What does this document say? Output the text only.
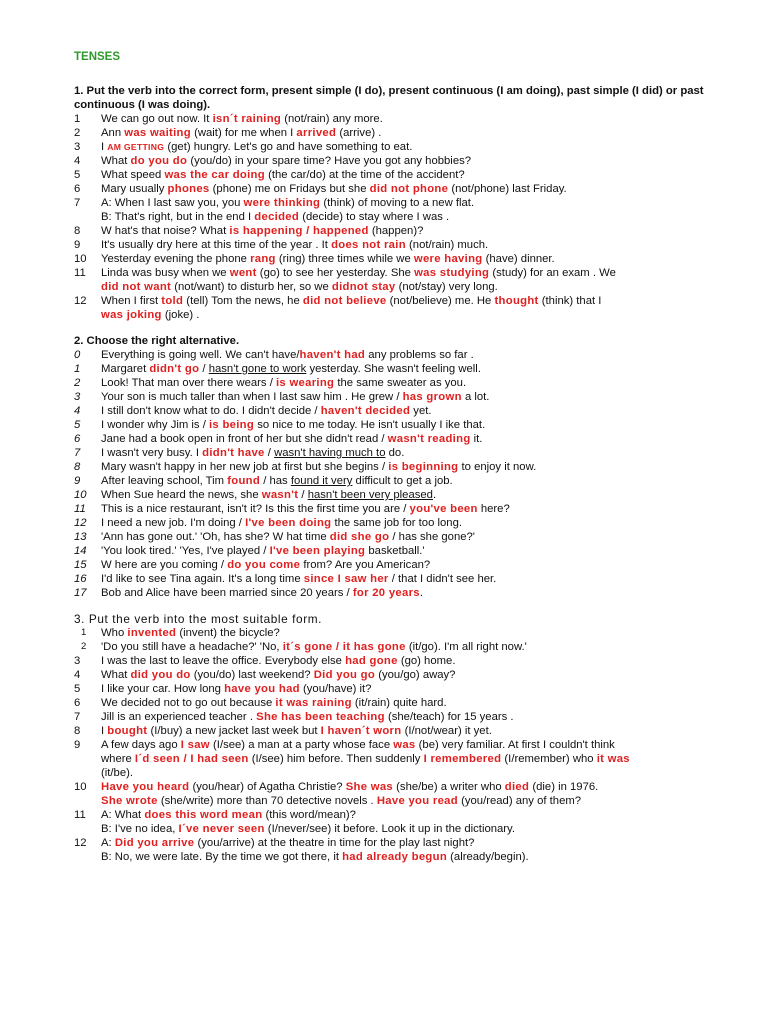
TENSES
1. Put the verb into the correct form, present simple (I do), present continuous (I am doing), past simple (I did) or past continuous (I was doing).
1	We can go out now. It isn´t raining (not/rain) any more.
2	Ann was waiting (wait) for me when I arrived (arrive) .
3	I AM GETTING (get) hungry. Let's go and have something to eat.
4	What do you do (you/do) in your spare time? Have you got any hobbies?
5	What speed was the car doing (the car/do) at the time of the accident?
6	Mary usually phones (phone) me on Fridays but she did not phone (not/phone) last Friday.
7	A: When I last saw you, you were thinking (think) of moving to a new flat.
B: That's right, but in the end I decided (decide) to stay where I was .
8	W hat's that noise? What is happening / happened (happen)?
9	It's usually dry here at this time of the year . It does not rain (not/rain) much.
10	Yesterday evening the phone rang (ring) three times while we were having (have) dinner.
11	Linda was busy when we went (go) to see her yesterday. She was studying (study) for an exam . We
did not want (not/want) to disturb her, so we didnot stay (not/stay) very long.
12	When I first told (tell) Tom the news, he did not believe (not/believe) me. He thought (think) that I
was joking (joke) .
2. Choose the right alternative.
0	Everything is going well. We can't have/haven't had any problems so far .
1	Margaret didn't go / hasn't gone to work yesterday. She wasn't feeling well.
2	Look! That man over there wears / is wearing the same sweater as you.
3	Your son is much taller than when I last saw him . He grew / has grown a lot.
4	I still don't know what to do. I didn't decide / haven't decided yet.
5	I wonder why Jim is / is being so nice to me today. He isn't usually I ike that.
6	Jane had a book open in front of her but she didn't read / wasn't reading it.
7	I wasn't very busy. I didn't have / wasn't having much to do.
8	Mary wasn't happy in her new job at first but she begins / is beginning to enjoy it now.
9	After leaving school, Tim found / has found it very difficult to get a job.
10	When Sue heard the news, she wasn't / hasn't been very pleased.
11	This is a nice restaurant, isn't it? Is this the first time you are / you've been here?
12	I need a new job. I'm doing / I've been doing the same job for too long.
13	'Ann has gone out.' 'Oh, has she? W hat time did she go / has she gone?'
14	'You look tired.' 'Yes, I've played / I've been playing basketball.'
15	W here are you coming / do you come from? Are you American?
16	I'd like to see Tina again. It's a long time since I saw her / that I didn't see her.
17	Bob and Alice have been married since 20 years / for 20 years.
3. Put the verb into the most suitable form.
1	Who invented (invent) the bicycle?
2	'Do you still have a headache?' 'No, it´s gone / it has gone (it/go). I'm all right now.'
3	I was the last to leave the office. Everybody else had gone (go) home.
4	What did you do (you/do) last weekend? Did you go (you/go) away?
5	I like your car. How long have you had (you/have) it?
6	We decided not to go out because it was raining (it/rain) quite hard.
7	Jill is an experienced teacher . She has been teaching (she/teach) for 15 years .
8	I bought (I/buy) a new jacket last week but I haven´t worn (I/not/wear) it yet.
9	A few days ago I saw (I/see) a man at a party whose face was (be) very familiar. At first I couldn't think
where I´d seen / I had seen (I/see) him before. Then suddenly I remembered (I/remember) who it was
(it/be).
10	Have you heard (you/hear) of Agatha Christie? She was (she/be) a writer who died (die) in 1976.
She wrote (she/write) more than 70 detective novels . Have you read (you/read) any of them?
11	A: What does this word mean (this word/mean)?
B: I've no idea, I´ve never seen (I/never/see) it before. Look it up in the dictionary.
12	A: Did you arrive (you/arrive) at the theatre in time for the play last night?
B: No, we were late. By the time we got there, it had already begun (already/begin).
